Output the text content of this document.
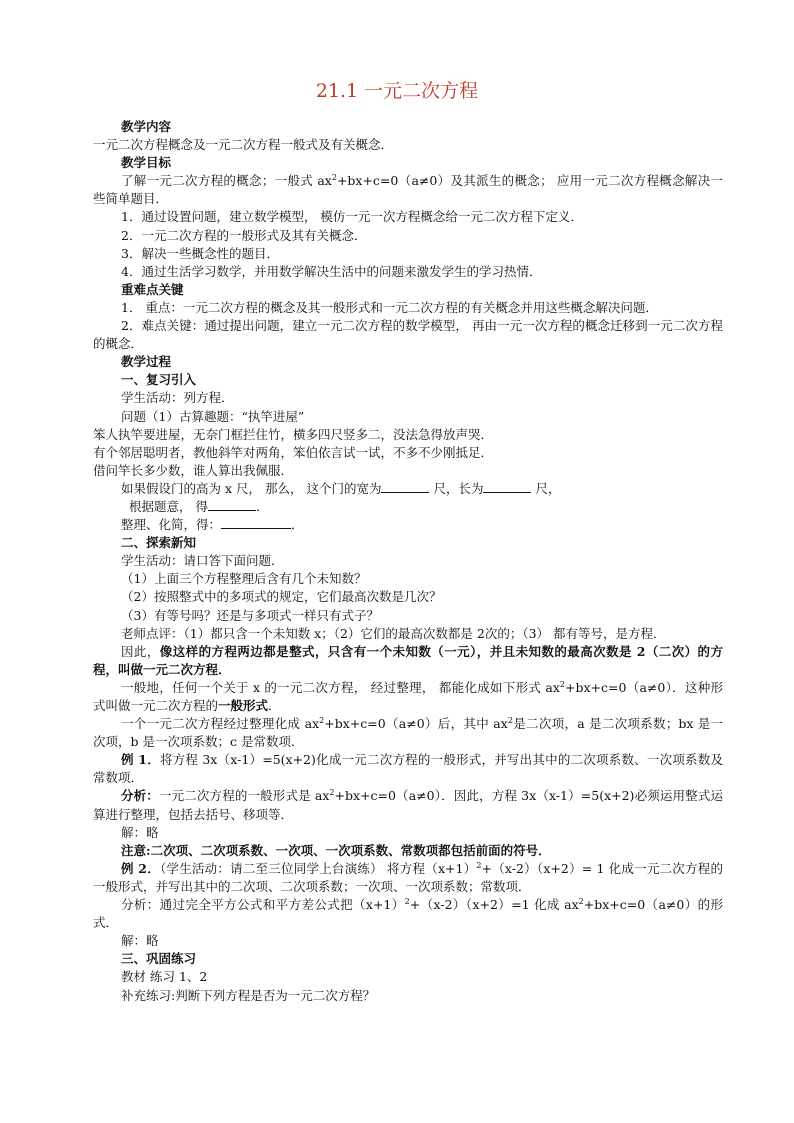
21.1 一元二次方程

教学内容

一元二次方程概念及一元二次方程一般式及有关概念．

教学目标

了解一元二次方程的概念；一般式 $ax^2+bx+c=0(a\ne 0)$及其派生的概念； 应用一元二次方程概念解决一些简单题目．

1．通过设置问题，建立数学模型， 模仿一元一次方程概念给一元二次方程下定义．

2．一元二次方程的一般形式及其有关概念．

3．解决一些概念性的题目．

4．通过生活学习数学，并用数学解决生活中的问题来激发学生的学习热情．

重难点关键

1． 重点：一元二次方程的概念及其一般形式和一元二次方程的有关概念并用这些概念解决问题．

2．难点关键：通过提出问题，建立一元二次方程的数学模型， 再由一元一次方程的概念迁移到一元二次方程的概念．

教学过程

一、复习引入

学生活动：列方程．

问题（1）古算趣题：“执竿进屋”

笨人执竿要进屋，无奈门框拦住竹，横多四尺竖多二，没法急得放声哭．

有个邻居聪明者，教他斜竿对两角，笨伯依言试一试，不多不少刚抵足．

借问竿长多少数，谁人算出我佩服．

如果假设门的高为 x 尺， 那么， 这个门的宽为	尺，长为	尺，

根据题意， 得	．

整理、化简，得：	．

二、探索新知

学生活动：请口答下面问题．

（1）上面三个方程整理后含有几个未知数？

（2）按照整式中的多项式的规定，它们最高次数是几次？

（3）有等号吗？还是与多项式一样只有式子？

老师点评：（1）都只含一个未知数 x；（2）它们的最高次数都是 2次的；（3） 都有等号，是方程．

因此，像这样的方程两边都是整式，只含有一个未知数（一元），并且未知数的最高次数是 2（二次）的方程，叫做一元二次方程．

一般地，任何一个关于 x 的一元二次方程， 经过整理， 都能化成如下形式 $ax^2+bx+c=0(a\ne 0)$．这种形式叫做一元二次方程的一般形式．

一个一元二次方程经过整理化成 $ax^2+bx+c=0(a\ne 0)$后，其中 $ax^2$是二次项，a 是二次项系数；bx 是一次项，b 是一次项系数；c 是常数项．

例 1．将方程 3x（x-1）=5(x+2)化成一元二次方程的一般形式，并写出其中的二次项系数、一次项系数及常数项．

分析：一元二次方程的一般形式是 $ax^2+bx+c=0(a\ne 0)$．因此，方程 3x（x-1）=5(x+2)必须运用整式运算进行整理，包括去括号、移项等．

解：略

注意:二次项、二次项系数、一次项、一次项系数、常数项都包括前面的符号．

例 2．（学生活动：请二至三位同学上台演练） 将方程$(x+1)^2+(x-2)(x+2)= 1$ 化成一元二次方程的一般形式，并写出其中的二次项、二次项系数；一次项、一次项系数；常数项．

分析：通过完全平方公式和平方差公式把$(x+1)^2+(x-2)(x+2)=1$ 化成 $ax^2+bx+c=0(a\ne 0)$的形式．

解：略

三、巩固练习

教材 练习 1、2

补充练习:判断下列方程是否为一元二次方程？
